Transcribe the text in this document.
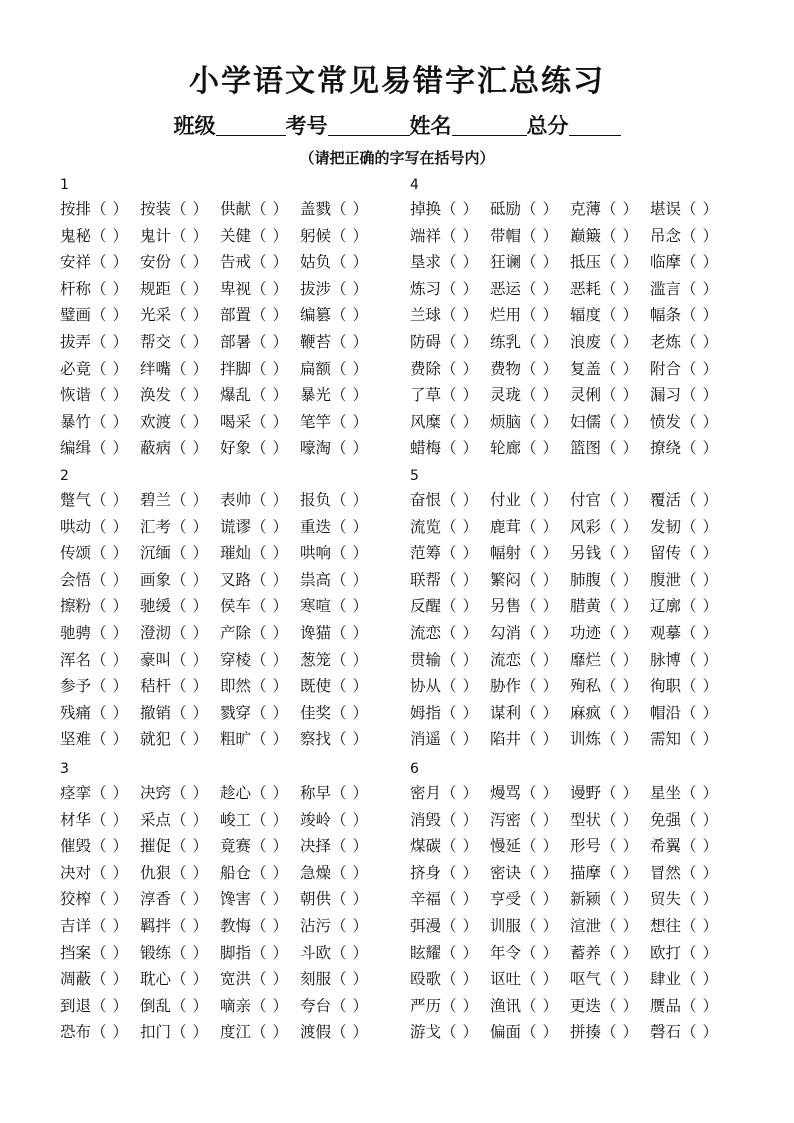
小学语文常见易错字汇总练习
班级	考号	姓名	总分
（请把正确的字写在括号内）
1
按排（ ） 按装（ ） 供献（ ） 盖戮（ ）
鬼秘（ ） 鬼计（ ） 关健（ ） 躬候（ ）
安祥（ ） 安份（ ） 告戒（ ） 姑负（ ）
杆称（ ） 规距（ ） 卑视（ ） 拔涉（ ）
璧画（ ） 光采（ ） 部置（ ） 编篡（ ）
拔弄（ ） 帮交（ ） 部暑（ ） 鞭苔（ ）
必竟（ ） 绊嘴（ ） 拌脚（ ） 扁额（ ）
恢谐（ ） 涣发（ ） 爆乱（ ） 暴光（ ）
暴竹（ ） 欢渡（ ） 喝采（ ） 笔竿（ ）
编缉（ ） 蔽病（ ） 好象（ ） 嚎淘（ ）
2
蹩气（ ） 碧兰（ ） 表帅（ ） 报负（ ）
哄动（ ） 汇考（ ） 谎谬（ ） 重迭（ ）
传颂（ ） 沉缅（ ） 璀灿（ ） 哄响（ ）
会悟（ ） 画象（ ） 叉路（ ） 祟高（ ）
擦粉（ ） 驰缓（ ） 侯车（ ） 寒喧（ ）
驰骋（ ） 澄沏（ ） 产除（ ） 谗猫（ ）
浑名（ ） 豪叫（ ） 穿棱（ ） 葱笼（ ）
参予（ ） 秸杆（ ） 即然（ ） 既使（ ）
残痛（ ） 撤销（ ） 戮穿（ ） 佳奖（ ）
坚难（ ） 就犯（ ） 粗旷（ ） 察找（ ）
3
痉挛（ ） 决窍（ ） 趁心（ ） 称早（ ）
材华（ ） 采点（ ） 峻工（ ） 竣岭（ ）
催毁（ ） 摧促（ ） 竟赛（ ） 决择（ ）
决对（ ） 仇狠（ ） 船仓（ ） 急燥（ ）
狡榨（ ） 淳香（ ） 馋害（ ） 朝供（ ）
吉详（ ） 羁拌（ ） 教悔（ ） 沾污（ ）
挡案（ ） 锻练（ ） 脚指（ ） 斗欧（ ）
凋蔽（ ） 耽心（ ） 宽洪（ ） 刻服（ ）
到退（ ） 倒乱（ ） 嘀亲（ ） 夸台（ ）
恐布（ ） 扣门（ ） 度江（ ） 渡假（ ）
4
掉换（ ） 砥励（ ） 克薄（ ） 堪误（ ）
端祥（ ） 带帽（ ） 巅簸（ ） 吊念（ ）
垦求（ ） 狂谰（ ） 抵压（ ） 临摩（ ）
炼习（ ） 恶运（ ） 恶耗（ ） 滥言（ ）
兰球（ ） 烂用（ ） 辐度（ ） 幅条（ ）
防碍（ ） 练乳（ ） 浪废（ ） 老炼（ ）
费除（ ） 费物（ ） 复盖（ ） 附合（ ）
了草（ ） 灵珑（ ） 灵俐（ ） 漏习（ ）
风糜（ ） 烦脑（ ） 妇儒（ ） 愤发（ ）
蜡梅（ ） 轮廊（ ） 篮图（ ） 撩绕（ ）
5
奋恨（ ） 付业（ ） 付官（ ） 覆活（ ）
流览（ ） 鹿茸（ ） 风彩（ ） 发韧（ ）
范筹（ ） 幅射（ ） 另钱（ ） 留传（ ）
联帮（ ） 繁闷（ ） 肺腹（ ） 腹泄（ ）
反醒（ ） 另售（ ） 腊黄（ ） 辽廓（ ）
流恋（ ） 勾消（ ） 功迹（ ） 观摹（ ）
贯输（ ） 流恋（ ） 靡烂（ ） 脉博（ ）
协从（ ） 胁作（ ） 殉私（ ） 徇职（ ）
姆指（ ） 谋利（ ） 麻疯（ ） 帽沿（ ）
消遥（ ） 陷井（ ） 训炼（ ） 需知（ ）
6
密月（ ） 熳骂（ ） 谩野（ ） 星坐（ ）
消毁（ ） 泻密（ ） 型状（ ） 免强（ ）
煤碳（ ） 慢延（ ） 形号（ ） 希翼（ ）
挤身（ ） 密诀（ ） 描摩（ ） 冒然（ ）
辛福（ ） 亨受（ ） 新颍（ ） 贸失（ ）
弭漫（ ） 训服（ ） 渲泄（ ） 想往（ ）
眩耀（ ） 年令（ ） 蓄养（ ） 欧打（ ）
殴歌（ ） 讴吐（ ） 呕气（ ） 肆业（ ）
严历（ ） 渔讯（ ） 更迭（ ） 赝品（ ）
游戈（ ） 偏面（ ） 拼揍（ ） 磬石（ ）
